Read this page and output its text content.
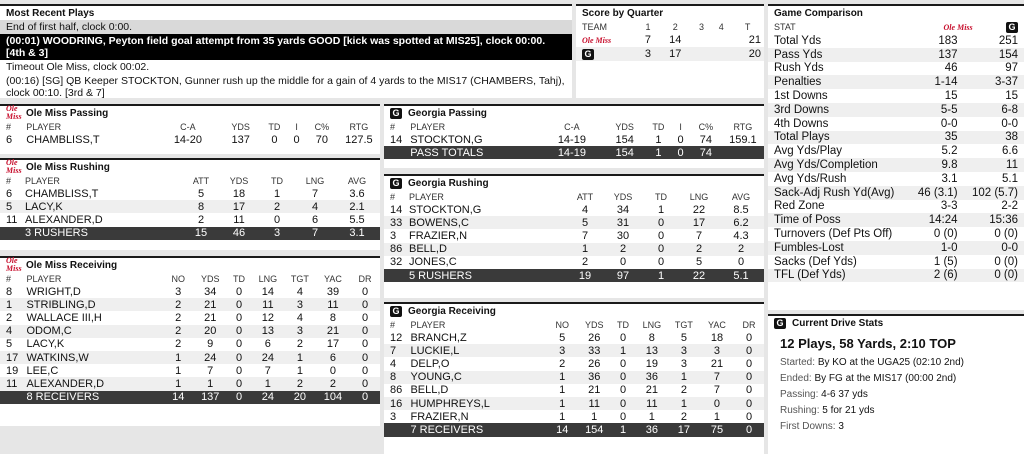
Most Recent Plays
End of first half, clock 0:00.
(00:01) WOODRING, Peyton field goal attempt from 35 yards GOOD [kick was spotted at MIS25], clock 00:00. [4th & 3]
Timeout Ole Miss, clock 00:02.
(00:16) [SG] QB Keeper STOCKTON, Gunner rush up the middle for a gain of 4 yards to the MIS17 (CHAMBERS, Tahj), clock 00:10. [3rd & 7]
Score by Quarter
TEAM	1	2	3	4	T
Ole Miss	7	14			21
G	3	17			20
Game Comparison
STAT	Ole Miss	G
Total Yds	183	251
Pass Yds	137	154
Rush Yds	46	97
Penalties	1-14	3-37
1st Downs	15	15
3rd Downs	5-5	6-8
4th Downs	0-0	0-0
Total Plays	35	38
Avg Yds/Play	5.2	6.6
Avg Yds/Completion	9.8	11
Avg Yds/Rush	3.1	5.1
Sack-Adj Rush Yd(Avg)	46 (3.1)	102 (5.7)
Red Zone	3-3	2-2
Time of Poss	14:24	15:36
Turnovers (Def Pts Off)	0 (0)	0 (0)
Fumbles-Lost	1-0	0-0
Sacks (Def Yds)	1 (5)	0 (0)
TFL (Def Yds)	2 (6)	0 (0)
G Current Drive Stats
12 Plays, 58 Yards, 2:10 TOP
Started: By KO at the UGA25 (02:10 2nd)
Ended: By FG at the MIS17 (00:00 2nd)
Passing: 4-6 37 yds
Rushing: 5 for 21 yds
First Downs: 3
Ole Miss Ole Miss Passing
#	PLAYER	C-A	YDS	TD	I	C%	RTG
6	CHAMBLISS,T	14-20	137	0	0	70	127.5
Ole Miss Ole Miss Rushing
#	PLAYER	ATT	YDS	TD	LNG	AVG
6	CHAMBLISS,T	5	18	1	7	3.6
5	LACY,K	8	17	2	4	2.1
11	ALEXANDER,D	2	11	0	6	5.5
	3 RUSHERS	15	46	3	7	3.1
Ole Miss Ole Miss Receiving
#	PLAYER	NO	YDS	TD	LNG	TGT	YAC	DR
8	WRIGHT,D	3	34	0	14	4	39	0
1	STRIBLING,D	2	21	0	11	3	11	0
2	WALLACE III,H	2	21	0	12	4	8	0
4	ODOM,C	2	20	0	13	3	21	0
5	LACY,K	2	9	0	6	2	17	0
17	WATKINS,W	1	24	0	24	1	6	0
19	LEE,C	1	7	0	7	1	0	0
11	ALEXANDER,D	1	1	0	1	2	2	0
	8 RECEIVERS	14	137	0	24	20	104	0
G Georgia Passing
#	PLAYER	C-A	YDS	TD	I	C%	RTG
14	STOCKTON,G	14-19	154	1	0	74	159.1
	PASS TOTALS	14-19	154	1	0	74	
G Georgia Rushing
#	PLAYER	ATT	YDS	TD	LNG	AVG
14	STOCKTON,G	4	34	1	22	8.5
33	BOWENS,C	5	31	0	17	6.2
3	FRAZIER,N	7	30	0	7	4.3
86	BELL,D	1	2	0	2	2
32	JONES,C	2	0	0	5	0
	5 RUSHERS	19	97	1	22	5.1
G Georgia Receiving
#	PLAYER	NO	YDS	TD	LNG	TGT	YAC	DR
12	BRANCH,Z	5	26	0	8	5	18	0
7	LUCKIE,L	3	33	1	13	3	3	0
4	DELP,O	2	26	0	19	3	21	0
8	YOUNG,C	1	36	0	36	1	7	0
86	BELL,D	1	21	0	21	2	7	0
16	HUMPHREYS,L	1	11	0	11	1	0	0
3	FRAZIER,N	1	1	0	1	2	1	0
	7 RECEIVERS	14	154	1	36	17	75	0
